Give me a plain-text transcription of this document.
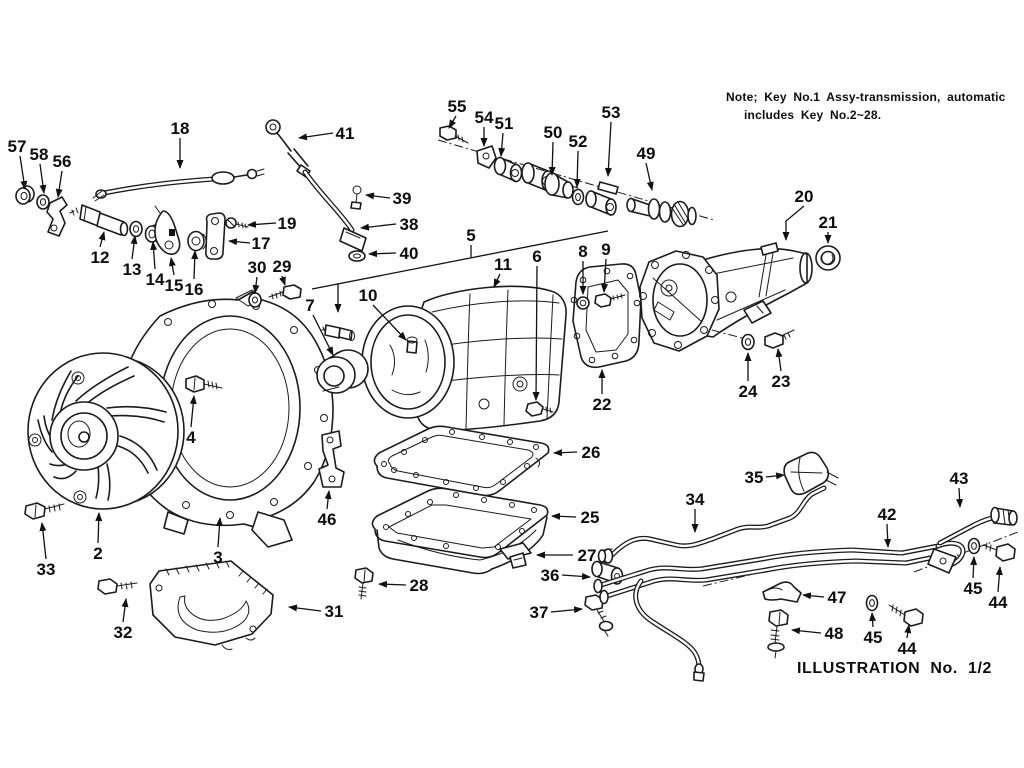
57 58 56
18	41
12
13
14 15 16
19
17
30 29
39
38
40
55
54 51 50 52
53
49
5
11 6 8 9
10
7
20
21
22
24
23
2	3
4
46
33
32
31
26
25
27
28
36
37
35
34
43
42
45
44
47
48 45
44
Note; Key No.1 Assy-transmission, automatic
includes Key No.2~28.
ILLUSTRATION No. 1/2
